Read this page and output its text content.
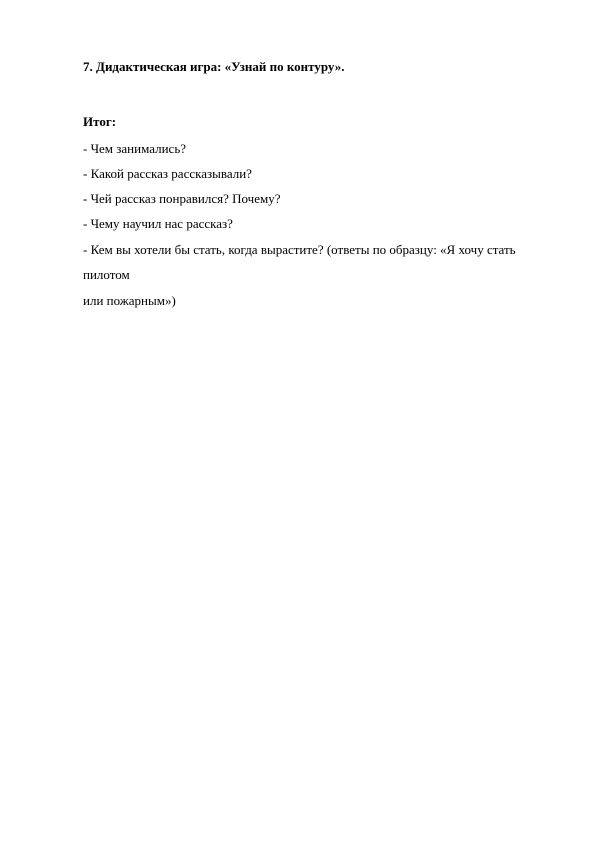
7. Дидактическая игра: «Узнай по контуру».
Итог:
- Чем занимались?
- Какой рассказ рассказывали?
- Чей рассказ понравился? Почему?
- Чему научил нас рассказ?
- Кем вы хотели бы стать, когда вырастите? (ответы по образцу: «Я хочу стать
пилотом
или пожарным»)
